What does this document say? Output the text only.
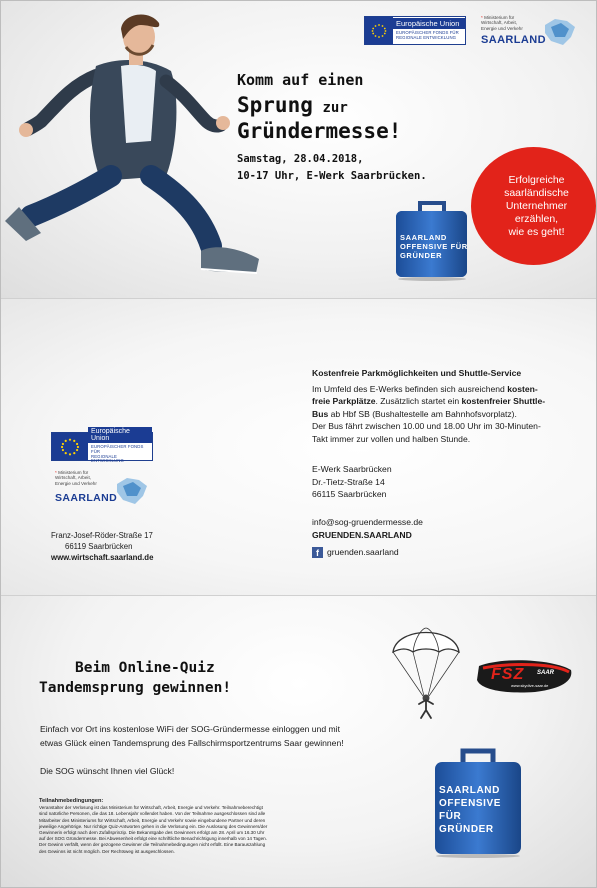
Europäische Union
EUROPÄISCHER FONDS FÜR
REGIONALE ENTWICKLUNG
* Ministerium für
Wirtschaft, Arbeit,
Energie und Verkehr
SAARLAND
Komm auf einen
Sprung zur
Gründermesse!
Samstag, 28.04.2018,
10-17 Uhr, E-Werk Saarbrücken.	Erfolgreiche
saarländische
Unternehmer
erzählen,
wie es geht!
SAARLAND
OFFENSIVE FÜR
GRÜNDER
Europäische Union
EUROPÄISCHER FONDS FÜR
REGIONALE ENTWICKLUNG
* Ministerium für
Wirtschaft, Arbeit,
Energie und Verkehr
SAARLAND
Franz-Josef-Röder-Straße 17
66119 Saarbrücken
www.wirtschaft.saarland.de
Kostenfreie Parkmöglichkeiten und Shuttle-Service
Im Umfeld des E-Werks befinden sich ausreichend kosten-
freie Parkplätze. Zusätzlich startet ein kostenfreier Shuttle-
Bus ab Hbf SB (Bushaltestelle am Bahnhofsvorplatz).
Der Bus fährt zwischen 10.00 und 18.00 Uhr im 30-Minuten-
Takt immer zur vollen und halben Stunde.
E-Werk Saarbrücken
Dr.-Tietz-Straße 14
66115 Saarbrücken
info@sog-gruendermesse.de
GRUENDEN.SAARLAND
f gruenden.saarland
Beim Online-Quiz
Tandemsprung gewinnen!
FSZ SAAR
www.skydive-saar.de
Einfach vor Ort ins kostenlose WiFi der SOG-Gründermesse einloggen und mit
etwas Glück einen Tandemsprung des Fallschirmsportzentrums Saar gewinnen!
Die SOG wünscht Ihnen viel Glück!
Teilnahmebedingungen:
Veranstalter der Verlosung ist das Ministerium für Wirtschaft, Arbeit, Energie und Verkehr. Teilnahmeberechtigt
sind natürliche Personen, die das 18. Lebensjahr vollendet haben. Von der Teilnahme ausgeschlossen sind alle
Mitarbeiter des Ministeriums für Wirtschaft, Arbeit, Energie und Verkehr sowie eingebundene Partner und deren
jeweilige Angehörige. Nur richtige Quiz-Antworten gehen in die Verlosung ein. Die Auslosung des Gewinners/der
Gewinnerin erfolgt nach dem Zufallsprinzip. Die Bekanntgabe des Gewinners erfolgt am 28. April um 16.30 Uhr
auf der SOG Gründermesse. Bei Abwesenheit erfolgt eine schriftliche Benachrichtigung innerhalb von 14 Tagen.
Der Gewinn verfällt, wenn der gezogene Gewinner die Teilnahmebedingungen nicht erfüllt. Eine Barauszahlung
des Gewinns ist nicht möglich. Der Rechtsweg ist ausgeschlossen.
SAARLAND
OFFENSIVE FÜR
GRÜNDER
